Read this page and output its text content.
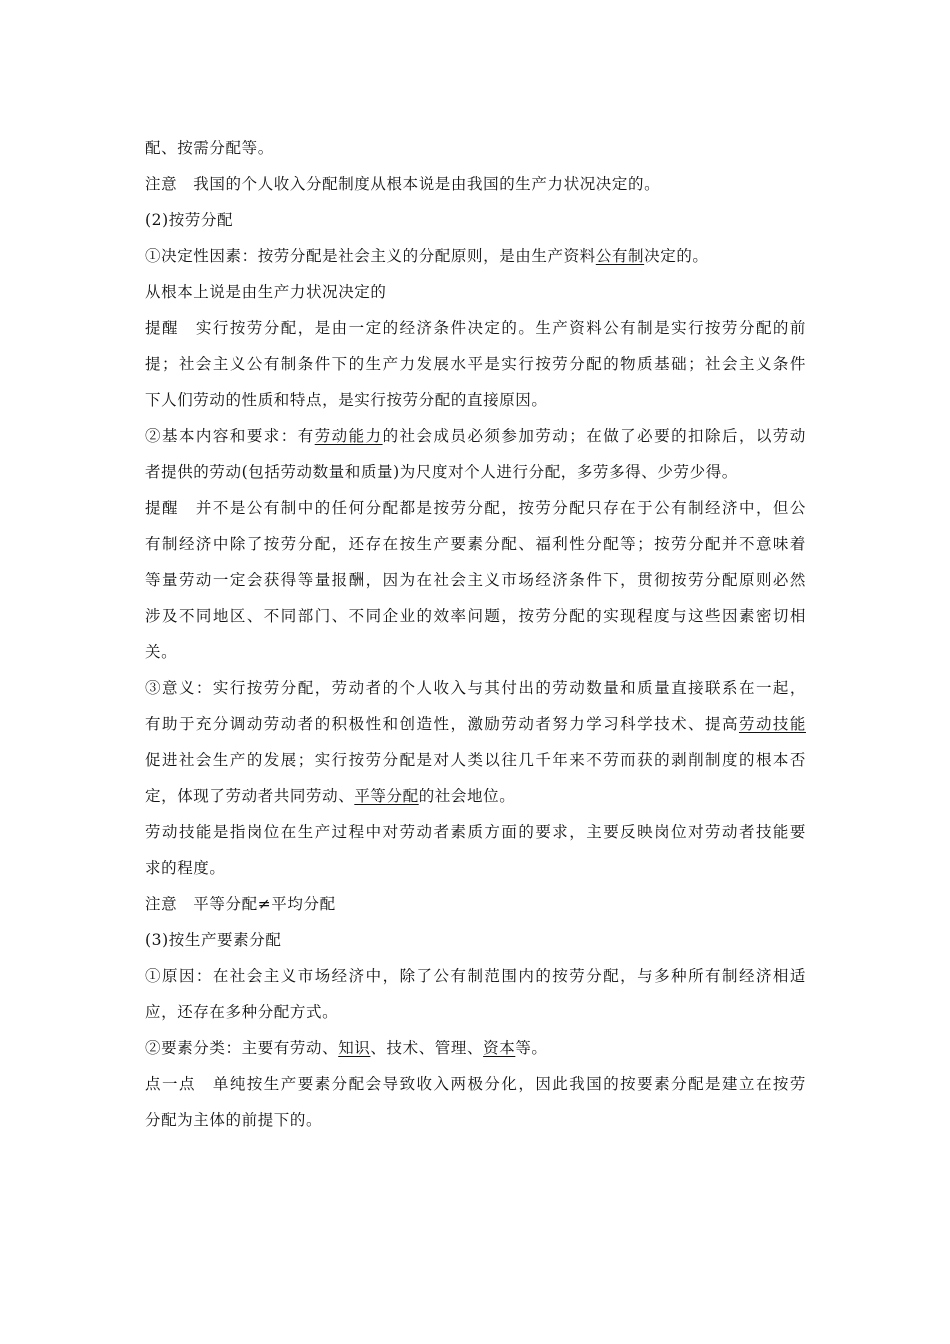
配、按需分配等。
注意　我国的个人收入分配制度从根本说是由我国的生产力状况决定的。
(2)按劳分配
①决定性因素：按劳分配是社会主义的分配原则，是由生产资料公有制决定的。
从根本上说是由生产力状况决定的
提醒　实行按劳分配，是由一定的经济条件决定的。生产资料公有制是实行按劳分配的前
提；社会主义公有制条件下的生产力发展水平是实行按劳分配的物质基础；社会主义条件
下人们劳动的性质和特点，是实行按劳分配的直接原因。
②基本内容和要求：有劳动能力的社会成员必须参加劳动；在做了必要的扣除后，以劳动
者提供的劳动(包括劳动数量和质量)为尺度对个人进行分配，多劳多得、少劳少得。
提醒　并不是公有制中的任何分配都是按劳分配，按劳分配只存在于公有制经济中，但公
有制经济中除了按劳分配，还存在按生产要素分配、福利性分配等；按劳分配并不意味着
等量劳动一定会获得等量报酬，因为在社会主义市场经济条件下，贯彻按劳分配原则必然
涉及不同地区、不同部门、不同企业的效率问题，按劳分配的实现程度与这些因素密切相
关。
③意义：实行按劳分配，劳动者的个人收入与其付出的劳动数量和质量直接联系在一起，
有助于充分调动劳动者的积极性和创造性，激励劳动者努力学习科学技术、提高劳动技能
促进社会生产的发展；实行按劳分配是对人类以往几千年来不劳而获的剥削制度的根本否
定，体现了劳动者共同劳动、平等分配的社会地位。
劳动技能是指岗位在生产过程中对劳动者素质方面的要求，主要反映岗位对劳动者技能要
求的程度。
注意　平等分配≠平均分配
(3)按生产要素分配
①原因：在社会主义市场经济中，除了公有制范围内的按劳分配，与多种所有制经济相适
应，还存在多种分配方式。
②要素分类：主要有劳动、知识、技术、管理、资本等。
点一点　单纯按生产要素分配会导致收入两极分化，因此我国的按要素分配是建立在按劳
分配为主体的前提下的。
